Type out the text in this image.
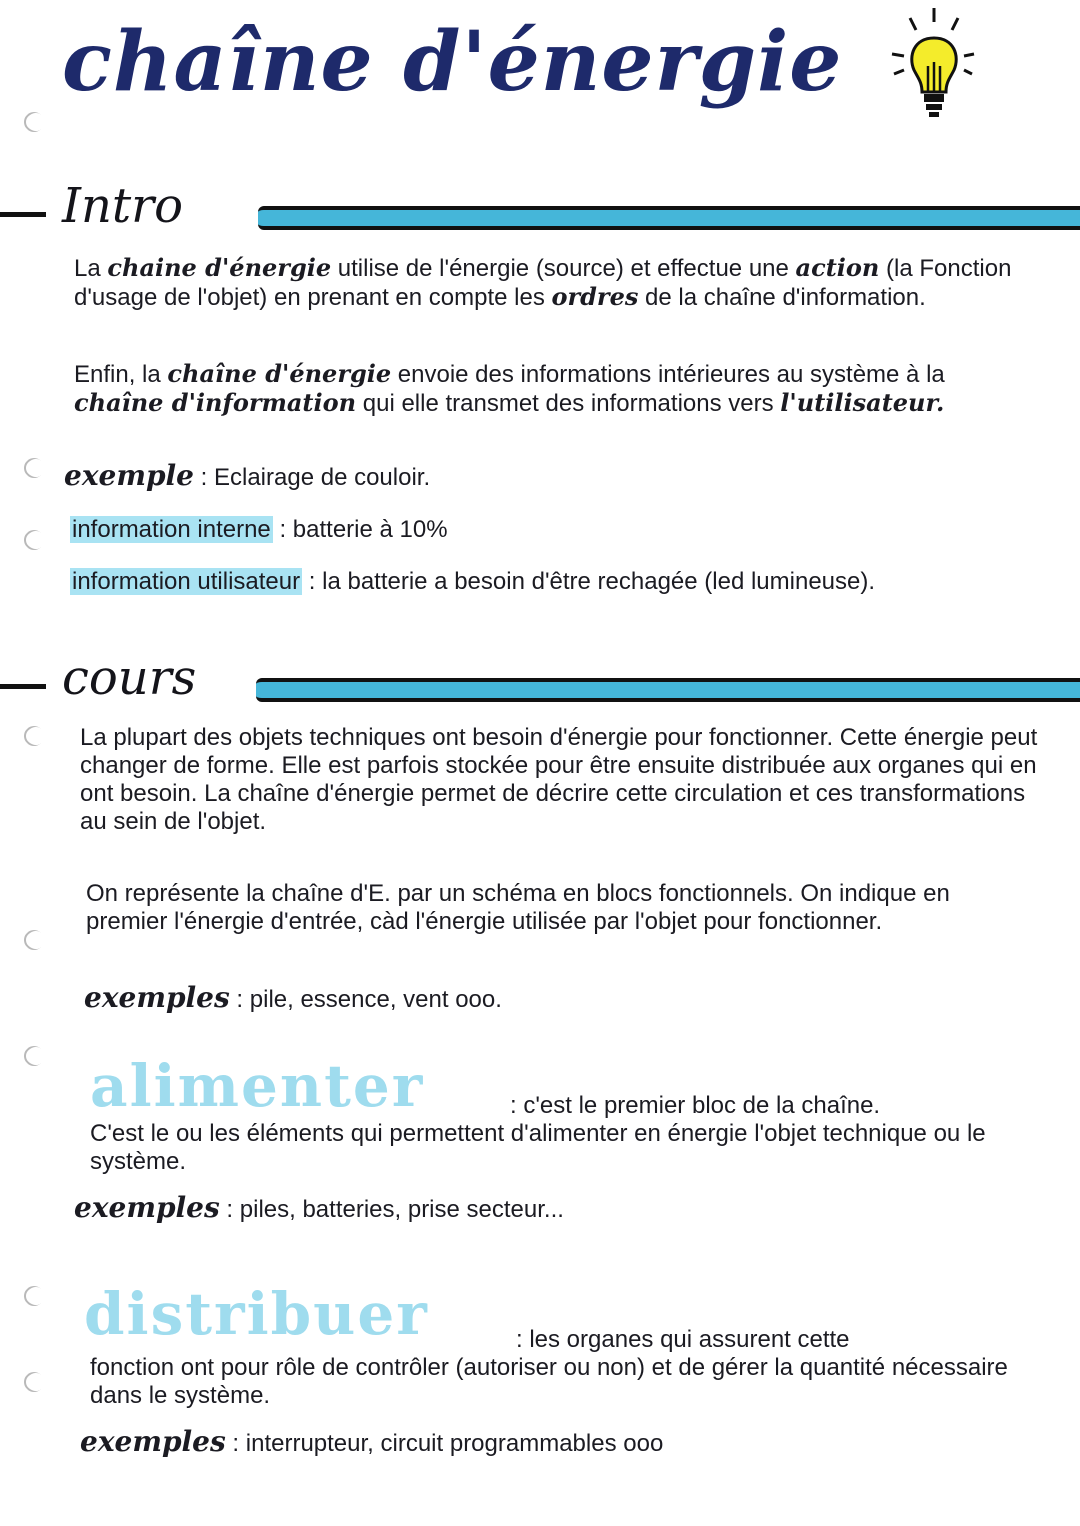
chaîne d'énergie
Intro
La chaine d'énergie utilise de l'énergie (source) et effectue une action (la Fonction d'usage de l'objet) en prenant en compte les ordres de la chaîne d'information.
Enfin, la chaîne d'énergie envoie des informations intérieures au système à la chaîne d'information qui elle transmet des informations vers l'utilisateur.
exemple : Eclairage de couloir.
information interne : batterie à 10%
information utilisateur : la batterie a besoin d'être rechagée (led lumineuse).
cours
La plupart des objets techniques ont besoin d'énergie pour fonctionner. Cette énergie peut changer de forme. Elle est parfois stockée pour être ensuite distribuée aux organes qui en ont besoin. La chaîne d'énergie permet de décrire cette circulation et ces transformations au sein de l'objet.
On représente la chaîne d'E. par un schéma en blocs fonctionnels. On indique en premier l'énergie d'entrée, càd l'énergie utilisée par l'objet pour fonctionner.
exemples : pile, essence, vent ooo.
alimenter	: c'est le premier bloc de la chaîne.
C'est le ou les éléments qui permettent d'alimenter en énergie l'objet technique ou le système.
exemples : piles, batteries, prise secteur...
distribuer	: les organes qui assurent cette
fonction ont pour rôle de contrôler (autoriser ou non) et de gérer la quantité nécessaire dans le système.
exemples : interrupteur, circuit programmables ooo
